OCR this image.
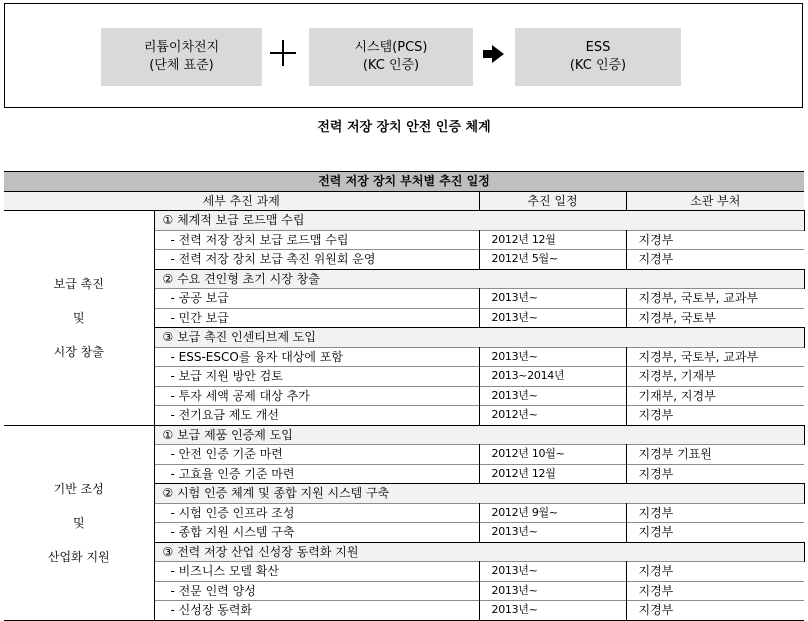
리튬이차전지
(단체 표준)
시스템(PCS)
(KC 인증)
ESS
(KC 인증)
전력 저장 장치 안전 인증 체계
전력 저장 장치 부처별 추진 일정			
세부 추진 과제		추진 일정	소관 부처

보급 촉진
및
시장 창출	① 체계적 보급 로드맵 수립		
	- 전력 저장 장치 보급 로드맵 수립	2012년 12월	지경부
	- 전력 저장 장치 보급 촉진 위원회 운영	2012년 5월~	지경부
	② 수요 견인형 초기 시장 창출		
	- 공공 보급	2013년~	지경부, 국토부, 교과부
	- 민간 보급	2013년~	지경부, 국토부
	③ 보급 촉진 인센티브제 도입		
	- ESS-ESCO를 융자 대상에 포함	2013년~	지경부, 국토부, 교과부
	- 보급 지원 방안 검토	2013~2014년	지경부, 기재부
	- 투자 세액 공제 대상 추가	2013년~	기재부, 지경부
	- 전기요금 제도 개선	2012년~	지경부

기반 조성
및
산업화 지원	① 보급 제품 인증제 도입		
	- 안전 인증 기준 마련	2012년 10월~	지경부 기표원
	- 고효율 인증 기준 마련	2012년 12월	지경부
	② 시험 인증 체계 및 종합 지원 시스템 구축		
	- 시험 인증 인프라 조성	2012년 9월~	지경부
	- 종합 지원 시스템 구축	2013년~	지경부
	③ 전력 저장 산업 신성장 동력화 지원		
	- 비즈니스 모델 확산	2013년~	지경부
	- 전문 인력 양성	2013년~	지경부
	- 신성장 동력화	2013년~	지경부
